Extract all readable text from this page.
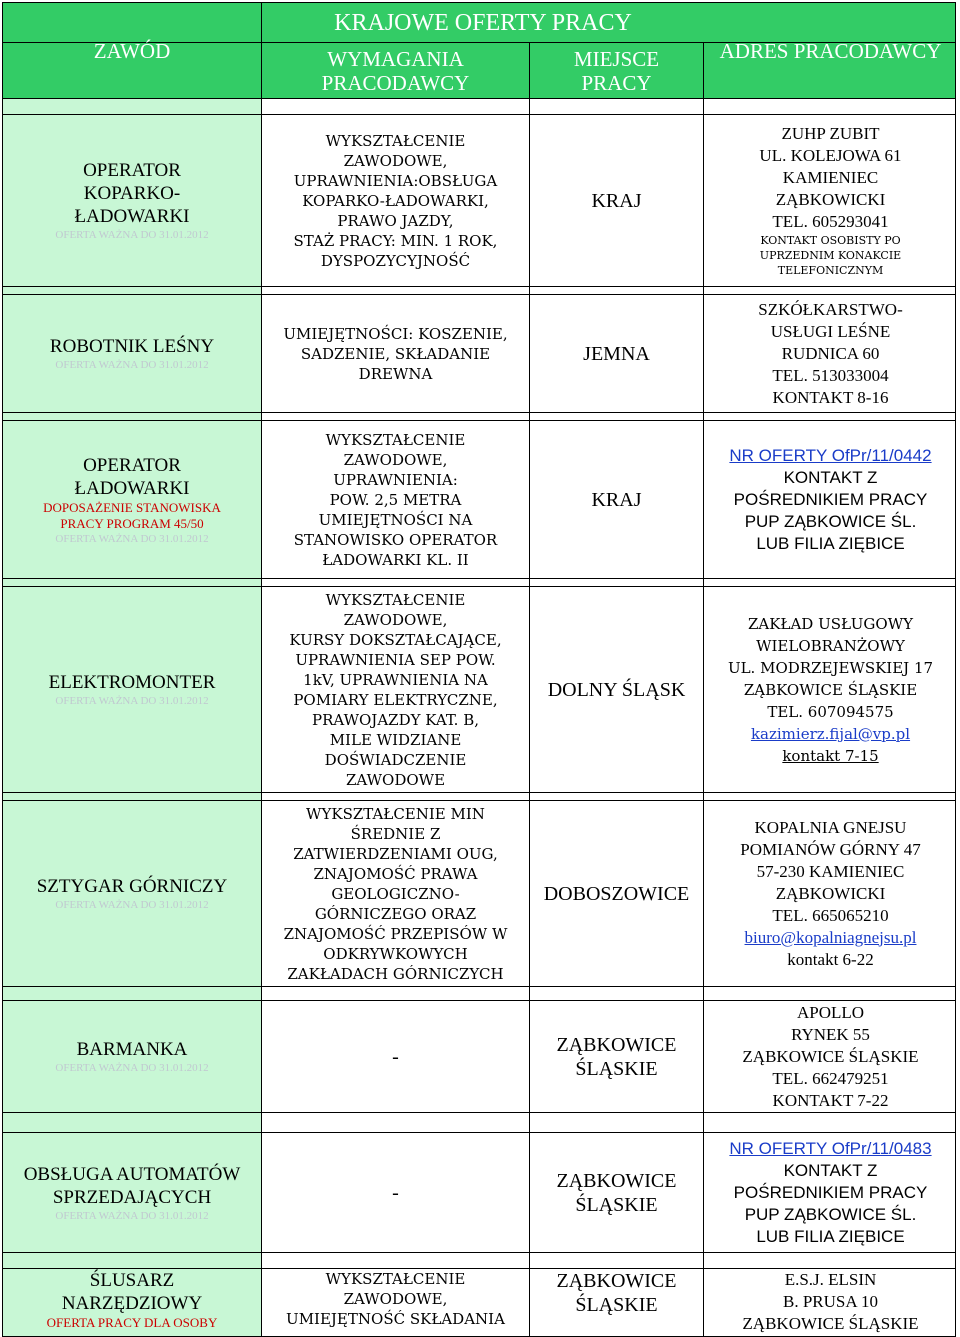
KRAJOWE OFERTY PRACY
ZAWÓD	WYMAGANIA
PRACODAWCY
MIEJSCE
PRACY
ADRES PRACODAWCY
OPERATOR
KOPARKO-
ŁADOWARKI
OFERTA WAŻNA DO 31.01.2012
WYKSZTAŁCENIE
ZAWODOWE,
UPRAWNIENIA:OBSŁUGA
KOPARKO-ŁADOWARKI,
PRAWO JAZDY,
STAŻ PRACY: MIN. 1 ROK,
DYSPOZYCYJNOŚĆ
KRAJ
ZUHP ZUBIT
UL. KOLEJOWA 61
KAMIENIEC
ZĄBKOWICKI
TEL. 605293041
KONTAKT OSOBISTY PO
UPRZEDNIM KONAKCIE
TELEFONICZNYM
ROBOTNIK LEŚNY
OFERTA WAŻNA DO 31.01.2012
UMIEJĘTNOŚCI: KOSZENIE,
SADZENIE, SKŁADANIE
DREWNA
JEMNA
SZKÓŁKARSTWO-
USŁUGI LEŚNE
RUDNICA 60
TEL. 513033004
KONTAKT 8-16
OPERATOR
ŁADOWARKI
DOPOSAŻENIE STANOWISKA
PRACY PROGRAM 45/50
OFERTA WAŻNA DO 31.01.2012
WYKSZTAŁCENIE
ZAWODOWE,
UPRAWNIENIA:
POW. 2,5 METRA
UMIEJĘTNOŚCI NA
STANOWISKO OPERATOR
ŁADOWARKI KL. II
KRAJ
NR OFERTY OfPr/11/0442
KONTAKT Z
POŚREDNIKIEM PRACY
PUP ZĄBKOWICE ŚL.
LUB FILIA ZIĘBICE
ELEKTROMONTER
OFERTA WAŻNA DO 31.01.2012
WYKSZTAŁCENIE
ZAWODOWE,
KURSY DOKSZTAŁCAJĄCE,
UPRAWNIENIA SEP POW.
1kV, UPRAWNIENIA NA
POMIARY ELEKTRYCZNE,
PRAWOJAZDY KAT. B,
MILE WIDZIANE
DOŚWIADCZENIE
ZAWODOWE
DOLNY ŚLĄSK
ZAKŁAD USŁUGOWY
WIELOBRANŻOWY
UL. MODRZEJEWSKIEJ 17
ZĄBKOWICE ŚLĄSKIE
TEL. 607094575
kazimierz.fijal@vp.pl
kontakt 7-15
SZTYGAR GÓRNICZY
OFERTA WAŻNA DO 31.01.2012
WYKSZTAŁCENIE MIN
ŚREDNIE Z
ZATWIERDZENIAMI OUG,
ZNAJOMOŚĆ PRAWA
GEOLOGICZNO-
GÓRNICZEGO ORAZ
ZNAJOMOŚĆ PRZEPISÓW W
ODKRYWKOWYCH
ZAKŁADACH GÓRNICZYCH
DOBOSZOWICE
KOPALNIA GNEJSU
POMIANÓW GÓRNY 47
57-230 KAMIENIEC
ZĄBKOWICKI
TEL. 665065210
biuro@kopalniagnejsu.pl
kontakt 6-22
BARMANKA
OFERTA WAŻNA DO 31.01.2012
-
ZĄBKOWICE
ŚLĄSKIE
APOLLO
RYNEK 55
ZĄBKOWICE ŚLĄSKIE
TEL. 662479251
KONTAKT 7-22
OBSŁUGA AUTOMATÓW
SPRZEDAJĄCYCH
OFERTA WAŻNA DO 31.01.2012
-
ZĄBKOWICE
ŚLĄSKIE
NR OFERTY OfPr/11/0483
KONTAKT Z
POŚREDNIKIEM PRACY
PUP ZĄBKOWICE ŚL.
LUB FILIA ZIĘBICE
ŚLUSARZ
NARZĘDZIOWY
OFERTA PRACY DLA OSOBY
WYKSZTAŁCENIE
ZAWODOWE,
UMIEJĘTNOŚĆ SKŁADANIA
ZĄBKOWICE
ŚLĄSKIE
E.S.J. ELSIN
B. PRUSA 10
ZĄBKOWICE ŚLĄSKIE
